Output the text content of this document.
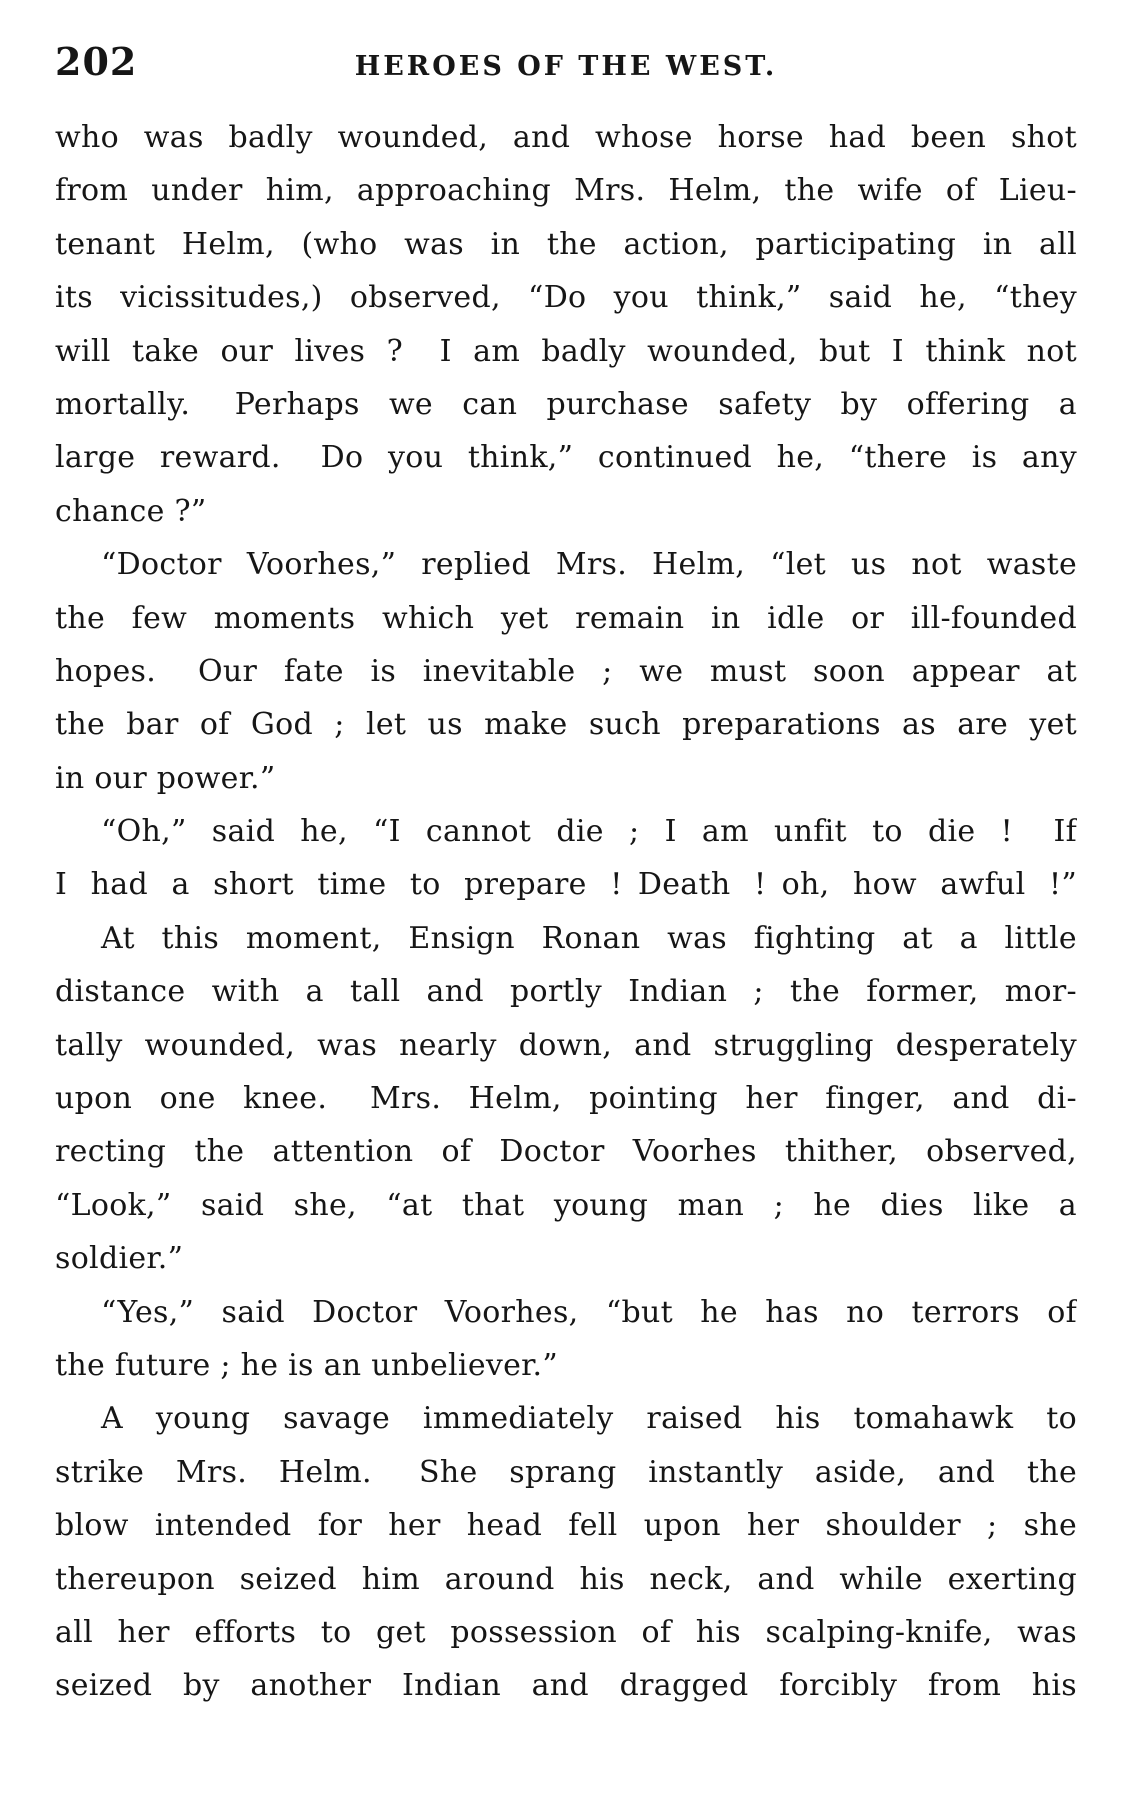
202	HEROES OF THE WEST.
who was badly wounded, and whose horse had been shot
from under him, approaching Mrs. Helm, the wife of Lieu-
tenant Helm, (who was in the action, participating in all
its vicissitudes,) observed, “Do you think,” said he, “they
will take our lives ?  I am badly wounded, but I think not
mortally.  Perhaps we can purchase safety by offering a
large reward.  Do you think,” continued he, “there is any
chance ?”
“Doctor Voorhes,” replied Mrs. Helm, “let us not waste
the few moments which yet remain in idle or ill-founded
hopes.  Our fate is inevitable ; we must soon appear at
the bar of God ; let us make such preparations as are yet
in our power.”
“Oh,” said he, “I cannot die ; I am unfit to die !  If
I had a short time to prepare ! Death ! oh, how awful !”
At this moment, Ensign Ronan was fighting at a little
distance with a tall and portly Indian ; the former, mor-
tally wounded, was nearly down, and struggling desperately
upon one knee.  Mrs. Helm, pointing her finger, and di-
recting the attention of Doctor Voorhes thither, observed,
“Look,” said she, “at that young man ; he dies like a
soldier.”
“Yes,” said Doctor Voorhes, “but he has no terrors of
the future ; he is an unbeliever.”
A young savage immediately raised his tomahawk to
strike Mrs. Helm.  She sprang instantly aside, and the
blow intended for her head fell upon her shoulder ; she
thereupon seized him around his neck, and while exerting
all her efforts to get possession of his scalping-knife, was
seized by another Indian and dragged forcibly from his
